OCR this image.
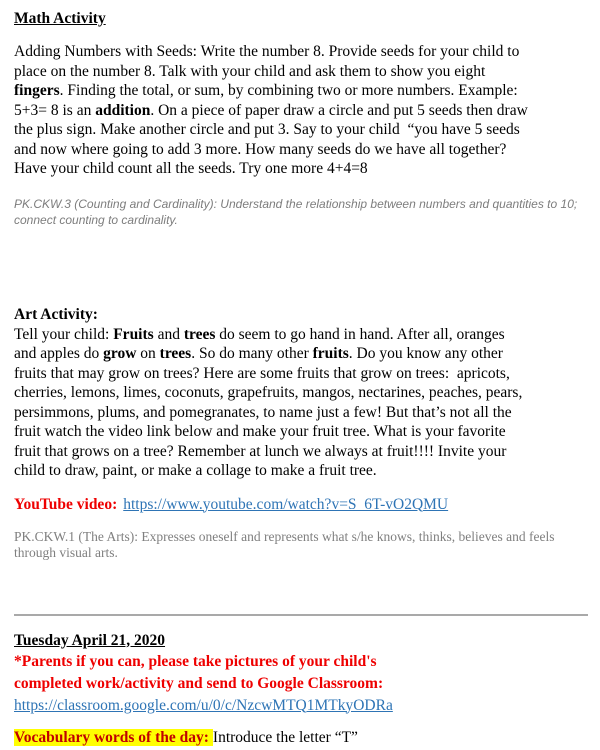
Math Activity
Adding Numbers with Seeds: Write the number 8. Provide seeds for your child to
place on the number 8. Talk with your child and ask them to show you eight
fingers. Finding the total, or sum, by combining two or more numbers. Example:
5+3= 8 is an addition. On a piece of paper draw a circle and put 5 seeds then draw
the plus sign. Make another circle and put 3. Say to your child  “you have 5 seeds
and now where going to add 3 more. How many seeds do we have all together?
Have your child count all the seeds. Try one more 4+4=8
PK.CKW.3 (Counting and Cardinality): Understand the relationship between numbers and quantities to 10; connect counting to cardinality.
Art Activity:
Tell your child: Fruits and trees do seem to go hand in hand. After all, oranges
and apples do grow on trees. So do many other fruits. Do you know any other
fruits that may grow on trees? Here are some fruits that grow on trees:  apricots,
cherries, lemons, limes, coconuts, grapefruits, mangos, nectarines, peaches, pears,
persimmons, plums, and pomegranates, to name just a few! But that’s not all the
fruit watch the video link below and make your fruit tree. What is your favorite
fruit that grows on a tree? Remember at lunch we always at fruit!!!! Invite your
child to draw, paint, or make a collage to make a fruit tree.
YouTube video: https://www.youtube.com/watch?v=S_6T-vO2QMU
PK.CKW.1 (The Arts): Expresses oneself and represents what s/he knows, thinks, believes and feels through visual arts.
Tuesday April 21, 2020
*Parents if you can, please take pictures of your child's
completed work/activity and send to Google Classroom:
https://classroom.google.com/u/0/c/NzcwMTQ1MTkyODRa
Vocabulary words of the day: Introduce the letter “T”
